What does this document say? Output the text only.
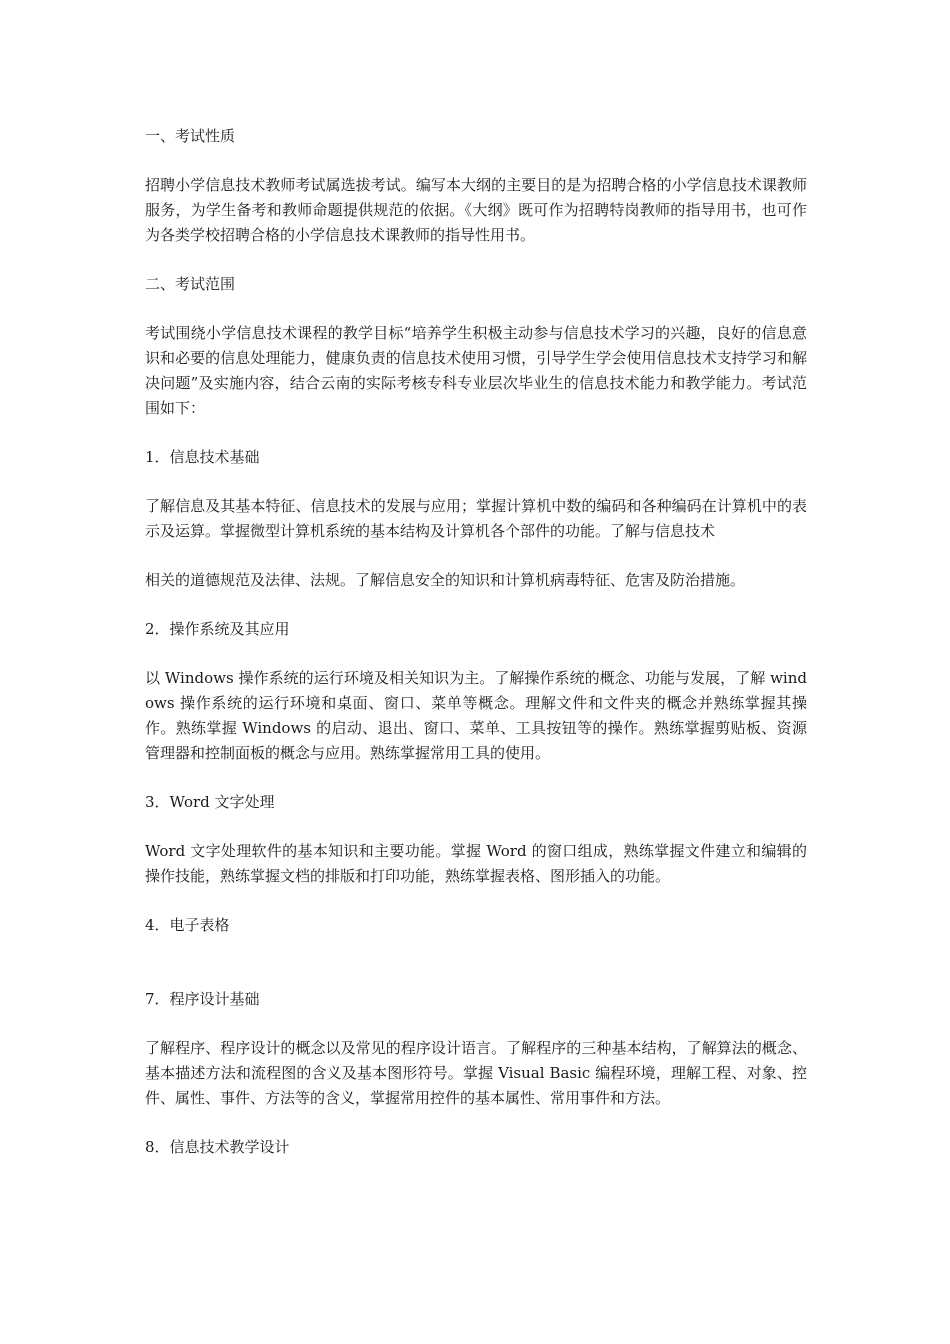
一、考试性质

招聘小学信息技术教师考试属选拔考试。编写本大纲的主要目的是为招聘合格的小学信息技术课教师服务，为学生备考和教师命题提供规范的依据。《大纲》既可作为招聘特岗教师的指导用书，也可作为各类学校招聘合格的小学信息技术课教师的指导性用书。

二、考试范围

考试围绕小学信息技术课程的教学目标“培养学生积极主动参与信息技术学习的兴趣，良好的信息意识和必要的信息处理能力，健康负责的信息技术使用习惯，引导学生学会使用信息技术支持学习和解决问题”及实施内容，结合云南的实际考核专科专业层次毕业生的信息技术能力和教学能力。考试范围如下：

1．信息技术基础

了解信息及其基本特征、信息技术的发展与应用；掌握计算机中数的编码和各种编码在计算机中的表示及运算。掌握微型计算机系统的基本结构及计算机各个部件的功能。了解与信息技术

相关的道德规范及法律、法规。了解信息安全的知识和计算机病毒特征、危害及防治措施。

2．操作系统及其应用

以 Windows 操作系统的运行环境及相关知识为主。了解操作系统的概念、功能与发展，了解 windows 操作系统的运行环境和桌面、窗口、菜单等概念。理解文件和文件夹的概念并熟练掌握其操作。熟练掌握 Windows 的启动、退出、窗口、菜单、工具按钮等的操作。熟练掌握剪贴板、资源管理器和控制面板的概念与应用。熟练掌握常用工具的使用。

3．Word 文字处理

Word 文字处理软件的基本知识和主要功能。掌握 Word 的窗口组成，熟练掌握文件建立和编辑的操作技能，熟练掌握文档的排版和打印功能，熟练掌握表格、图形插入的功能。

4．电子表格

7．程序设计基础

了解程序、程序设计的概念以及常见的程序设计语言。了解程序的三种基本结构，了解算法的概念、基本描述方法和流程图的含义及基本图形符号。掌握 Visual Basic 编程环境，理解工程、对象、控件、属性、事件、方法等的含义，掌握常用控件的基本属性、常用事件和方法。

8．信息技术教学设计
